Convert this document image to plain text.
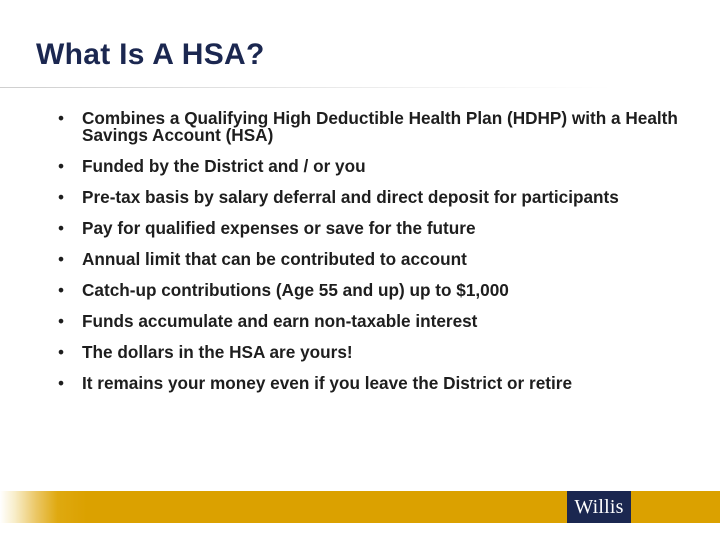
What Is A HSA?
• Combines a Qualifying High Deductible Health Plan (HDHP) with a Health Savings Account (HSA)
• Funded by the District and / or you
• Pre-tax basis by salary deferral and direct deposit for participants
• Pay for qualified expenses or save for the future
• Annual limit that can be contributed to account
• Catch-up contributions (Age 55 and up) up to $1,000
• Funds accumulate and earn non-taxable interest
• The dollars in the HSA are yours!
• It remains your money even if you leave the District or retire
Willis
